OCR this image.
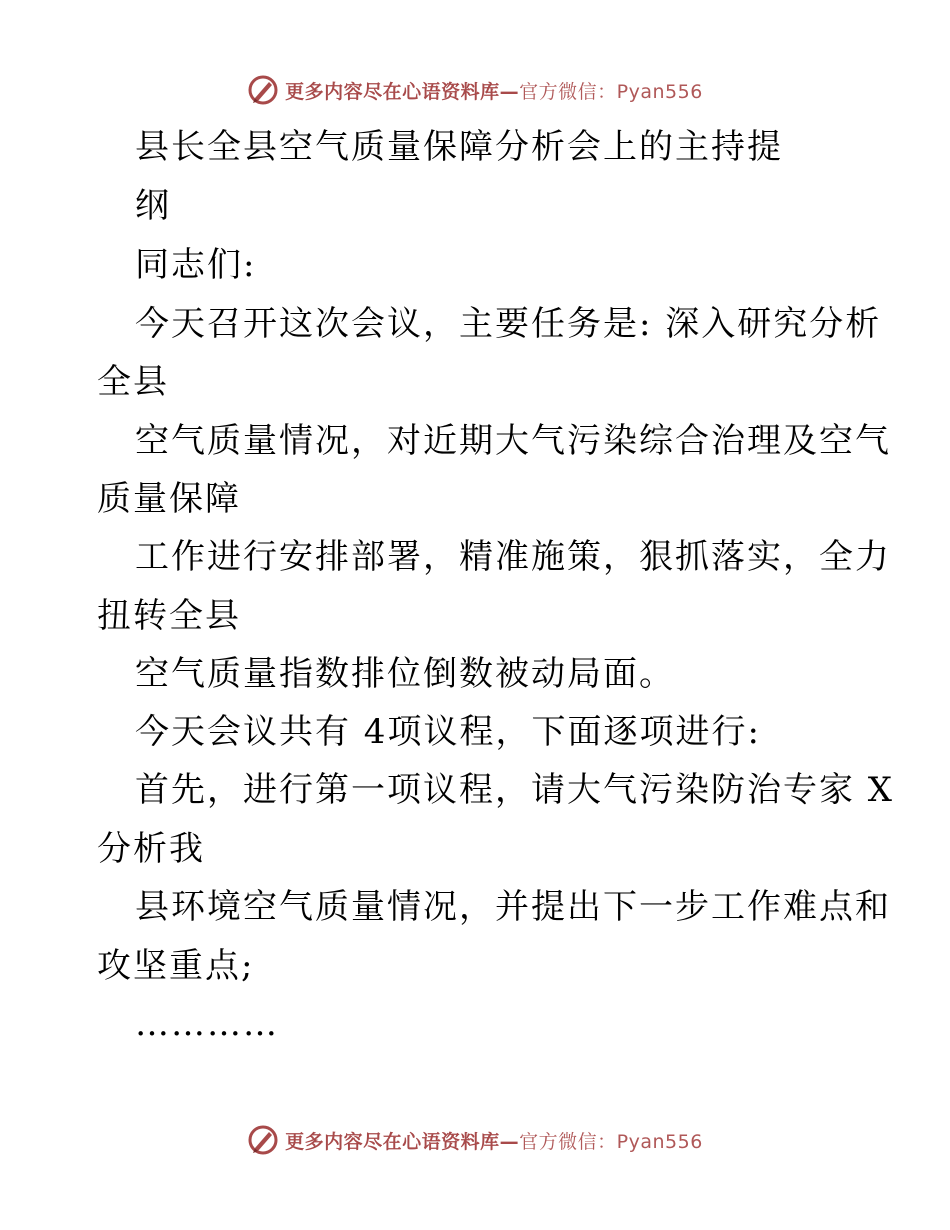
更多内容尽在心语资料库—官方微信：Pyan556
县长全县空气质量保障分析会上的主持提
纲
同志们:
今天召开这次会议，主要任务是: 深入研究分析
全县
空气质量情况，对近期大气污染综合治理及空气
质量保障
工作进行安排部署，精准施策，狠抓落实，全力
扭转全县
空气质量指数排位倒数被动局面。
今天会议共有 4项议程，下面逐项进行:
首先，进行第一项议程，请大气污染防治专家 X
分析我
县环境空气质量情况，并提出下一步工作难点和
攻坚重点;
…………
更多内容尽在心语资料库—官方微信：Pyan556
